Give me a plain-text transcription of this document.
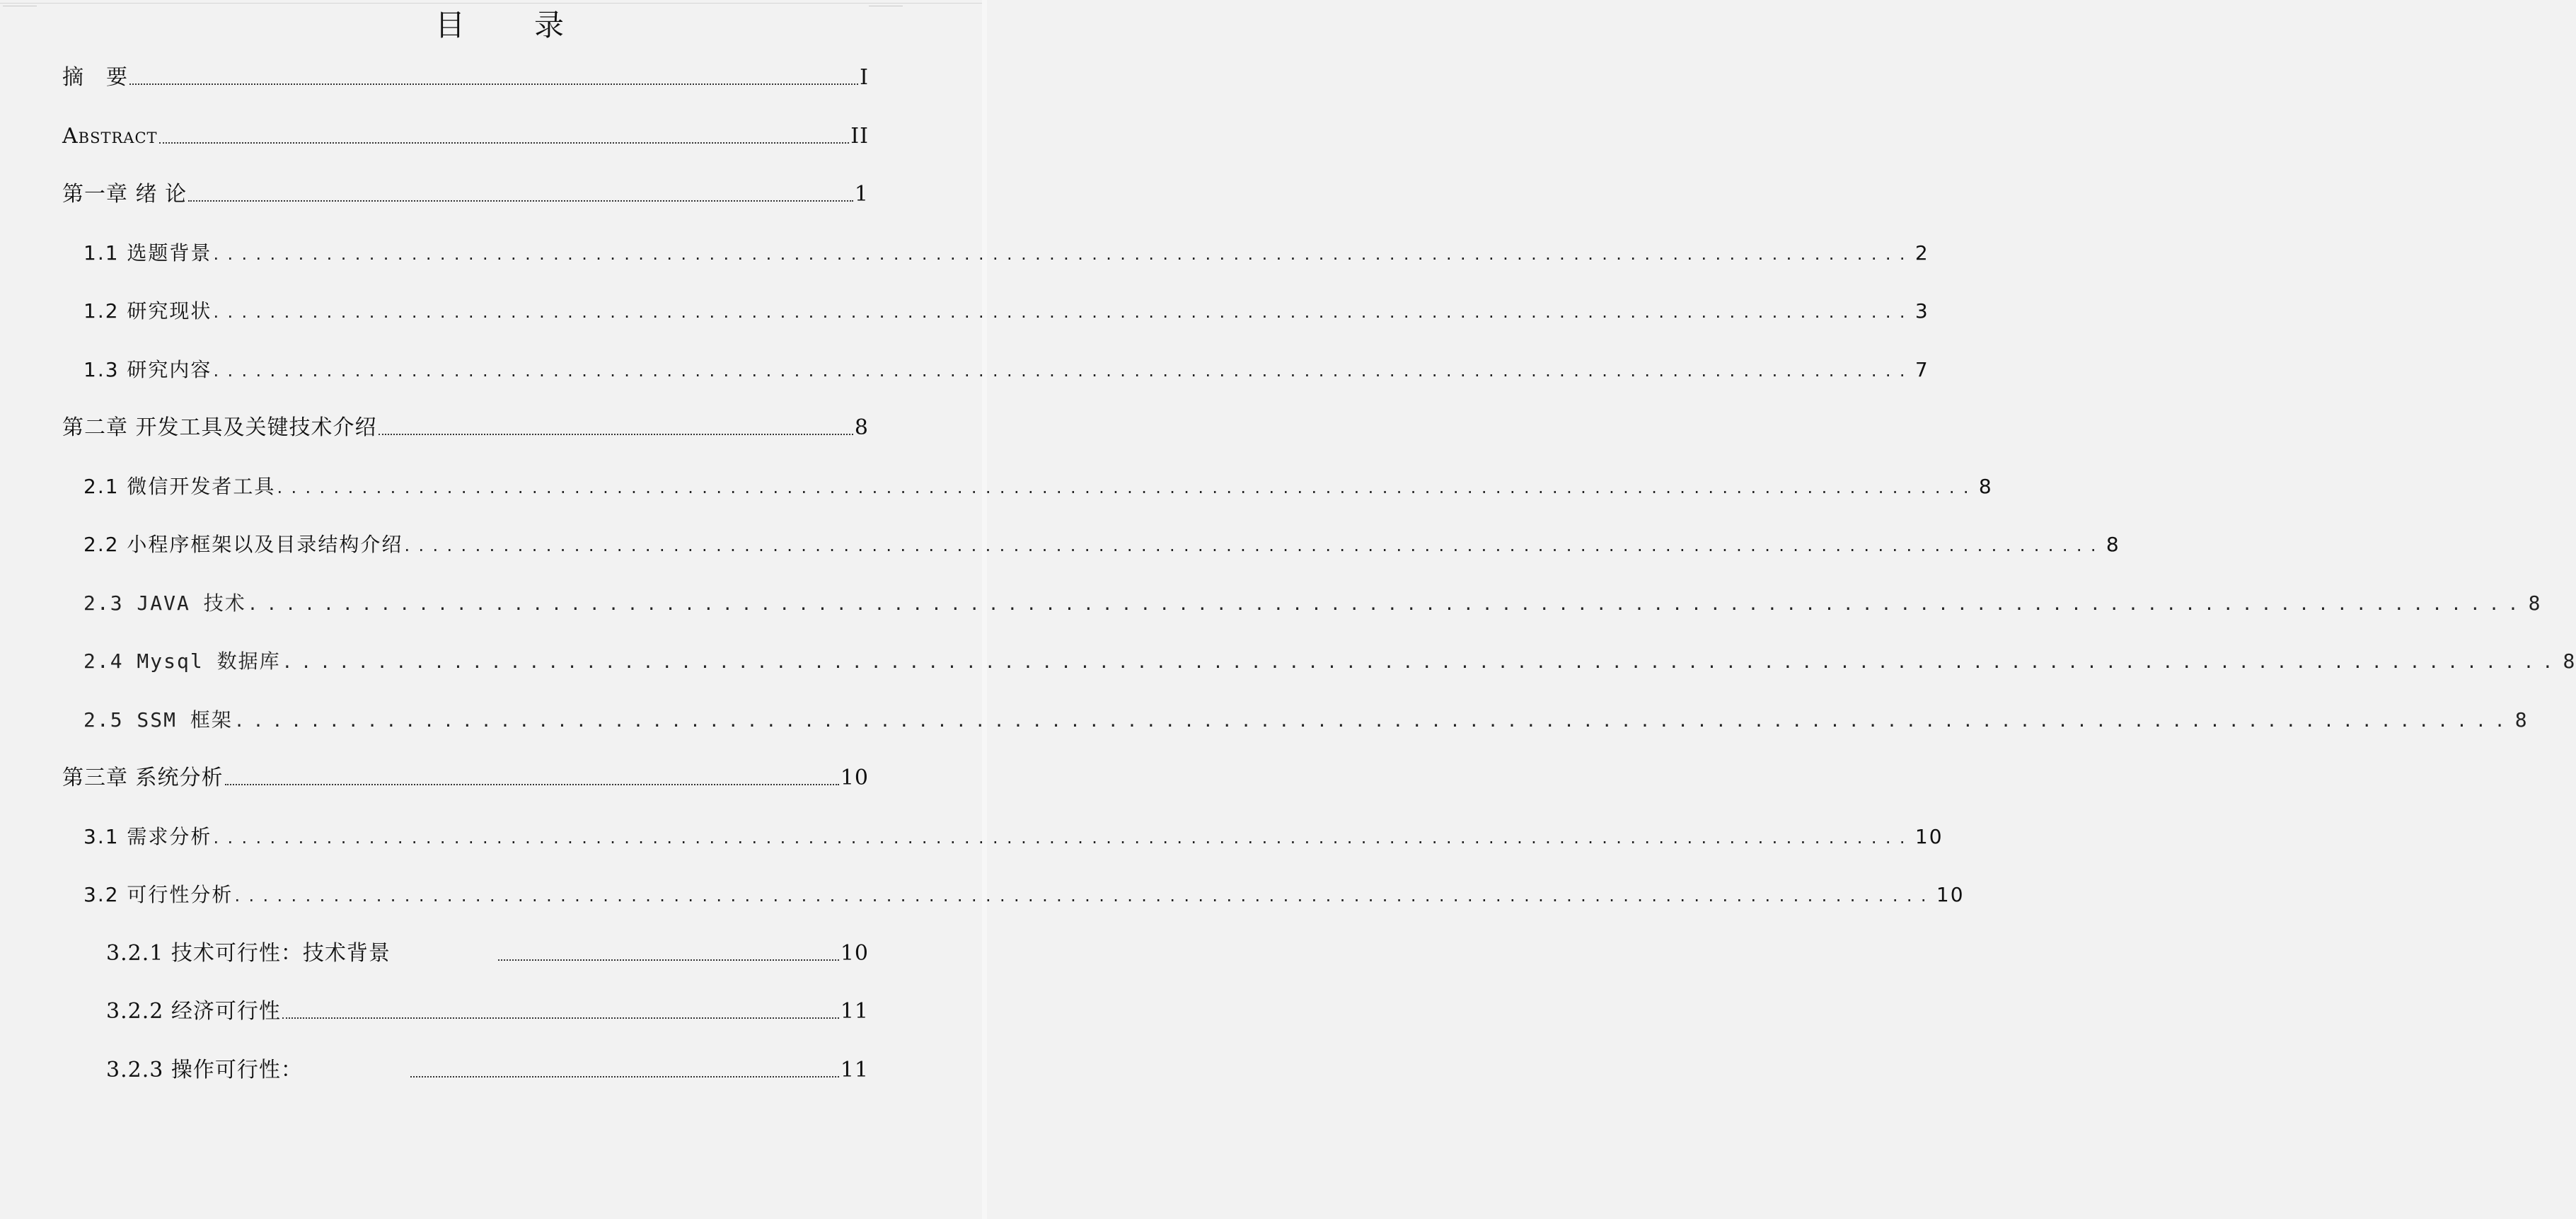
目　录
摘　要	I
Abstract	II
第一章 绪 论	1
1.1 选题背景 ........................................................................................................................ 2
1.2 研究现状 ........................................................................................................................ 3
1.3 研究内容 ........................................................................................................................ 7
第二章 开发工具及关键技术介绍	8
2.1 微信开发者工具 ........................................................................................................................ 8
2.2 小程序框架以及目录结构介绍 ........................................................................................................................ 8
2.3 JAVA 技术 ........................................................................................................................ 8
2.4 Mysql 数据库 ........................................................................................................................ 8
2.5 SSM 框架 ........................................................................................................................ 8
第三章 系统分析	10
3.1 需求分析 ........................................................................................................................ 10
3.2 可行性分析 ........................................................................................................................ 10
3.2.1 技术可行性：技术背景	10
3.2.2 经济可行性	11
3.2.3 操作可行性：	11
